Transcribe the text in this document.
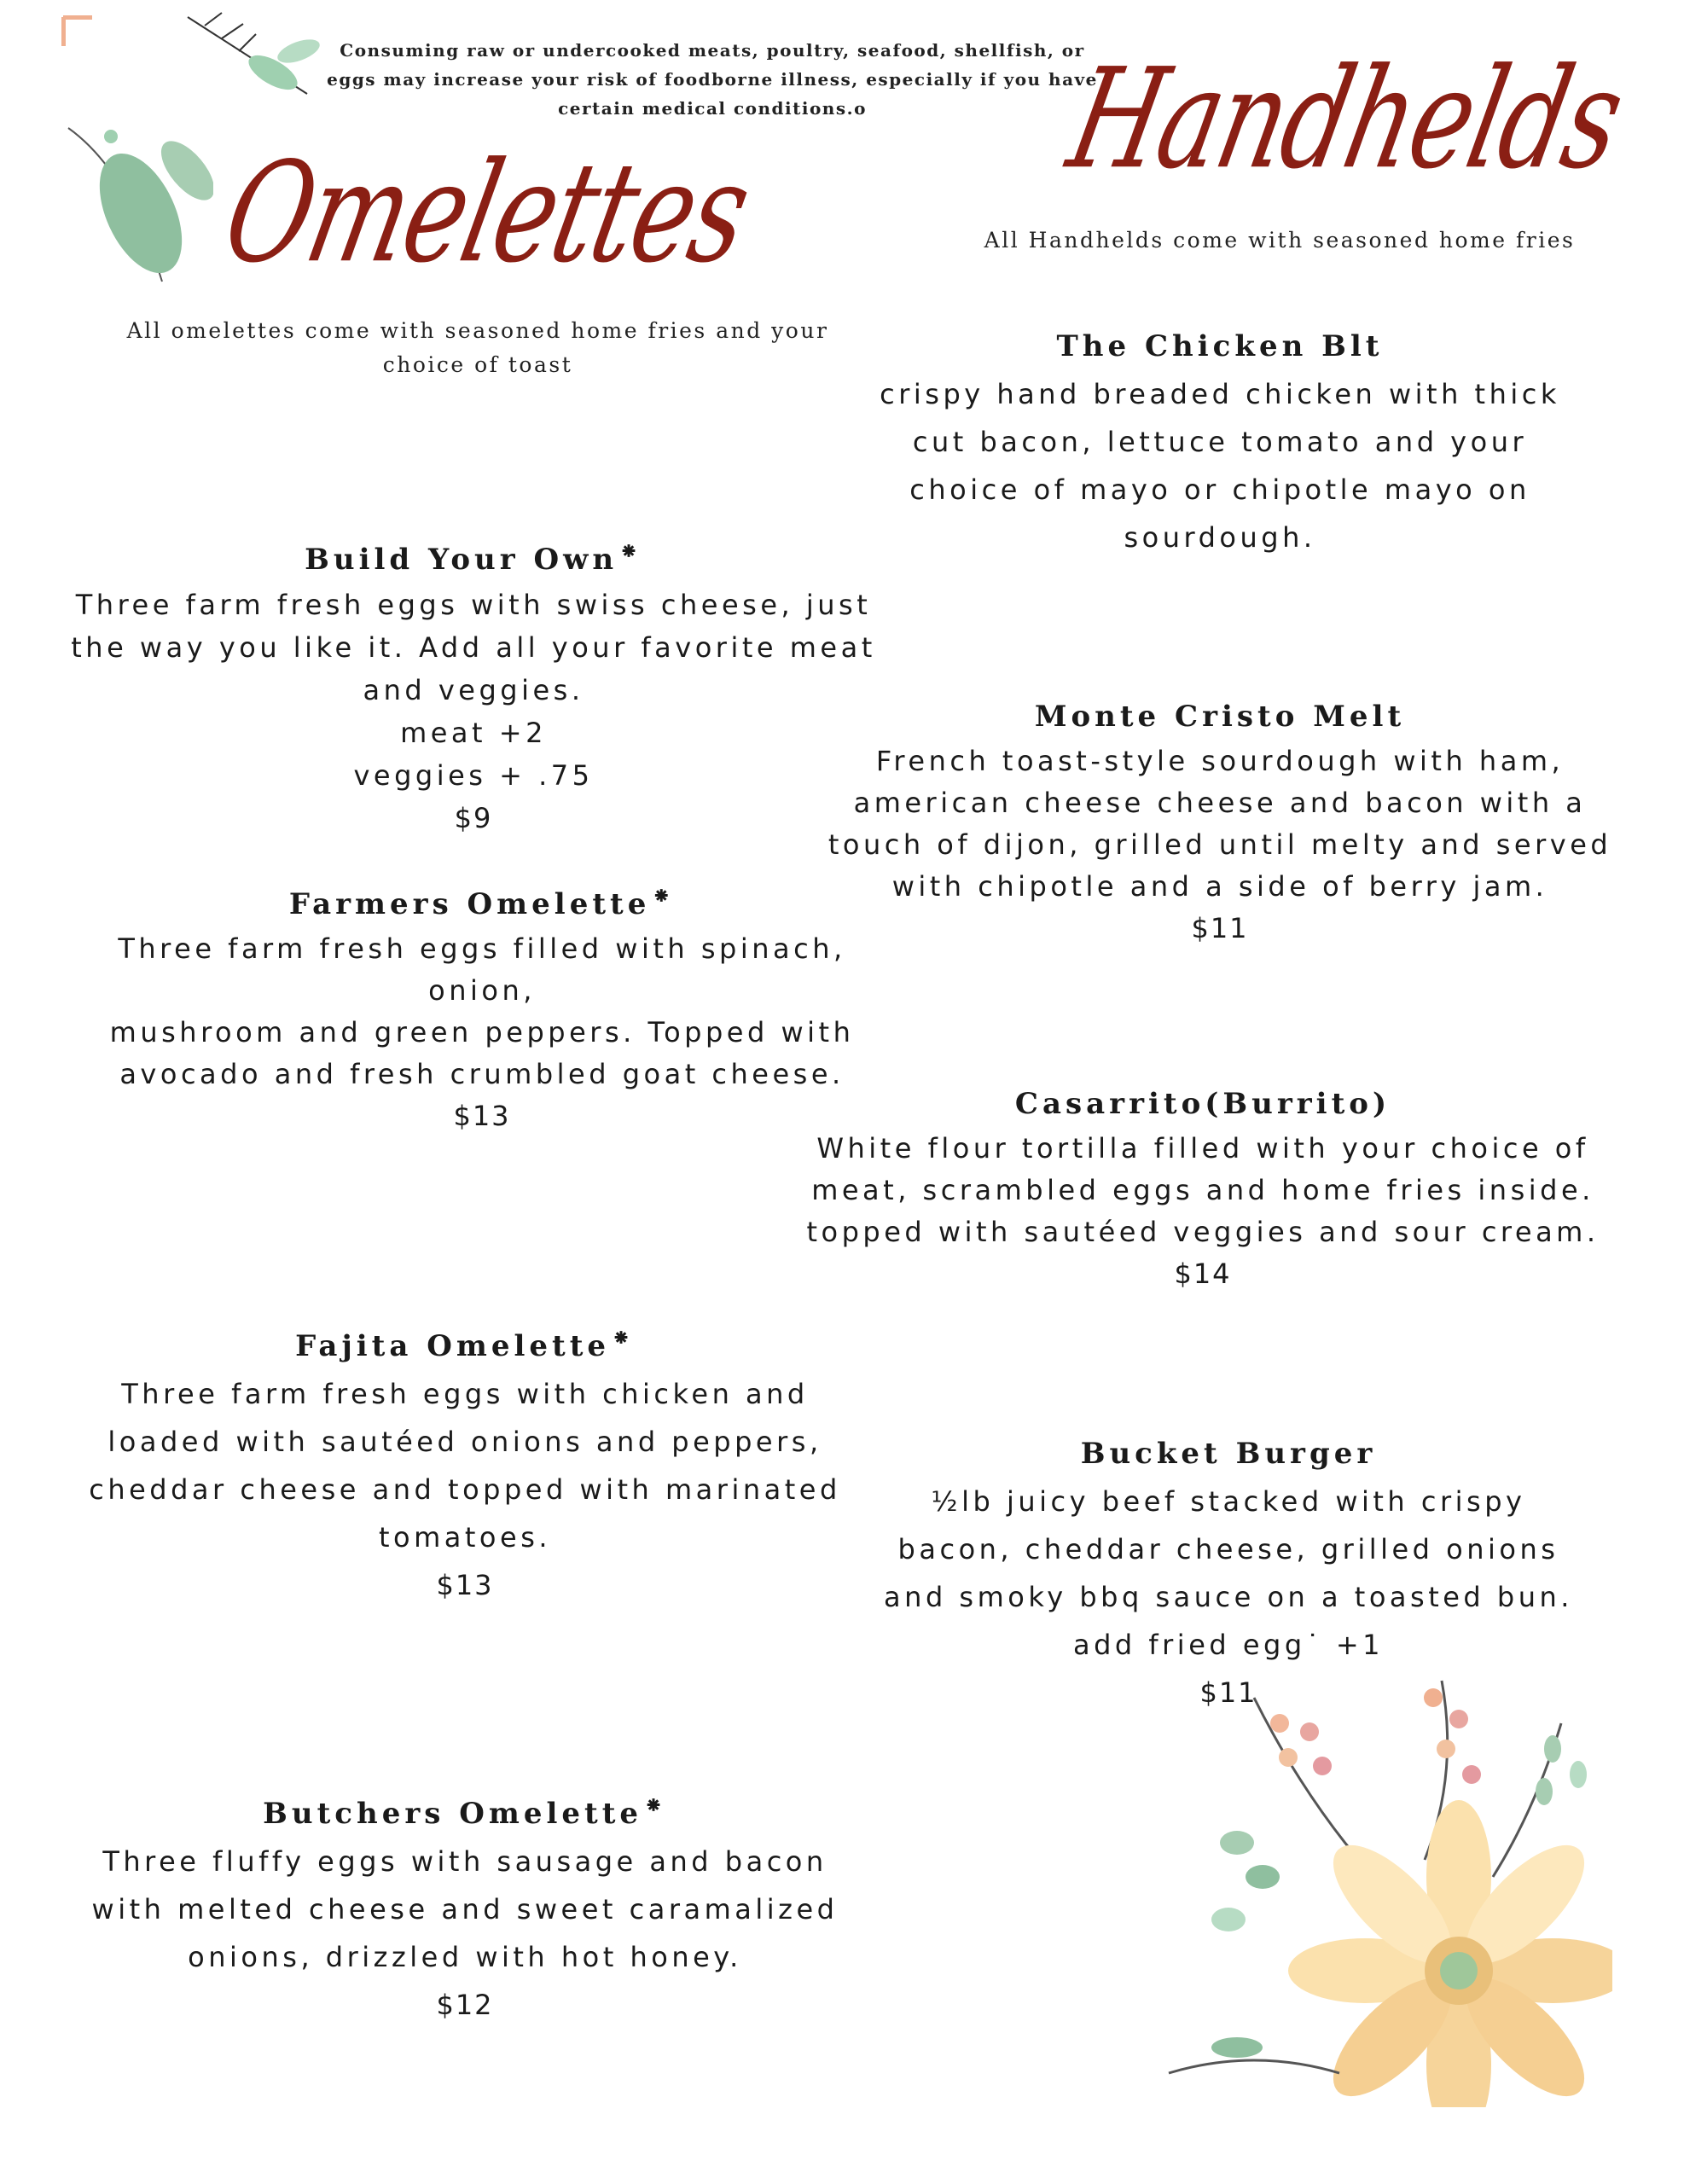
Consuming raw or undercooked meats, poultry, seafood, shellfish, or
eggs may increase your risk of foodborne illness, especially if you have
certain medical conditions.o
Omelettes
All omelettes come with seasoned home fries and your
choice of toast
Build Your Own⁕
Three farm fresh eggs with swiss cheese, just
the way you like it. Add all your favorite meat
and veggies.
meat +2
veggies + .75
$9
Farmers Omelette⁕
Three farm fresh eggs filled with spinach, onion,
mushroom and green peppers. Topped with
avocado and fresh crumbled goat cheese.
$13
Fajita Omelette⁕
Three farm fresh eggs with chicken and
loaded with sautéed onions and peppers,
cheddar cheese and topped with marinated
tomatoes.
$13
Butchers Omelette⁕
Three fluffy eggs with sausage and bacon
with melted cheese and sweet caramalized
onions, drizzled with hot honey.
$12
Handhelds
All Handhelds come with seasoned home fries
The Chicken Blt
crispy hand breaded chicken with thick
cut bacon, lettuce tomato and your
choice of mayo or chipotle mayo on
sourdough.
Monte Cristo Melt
French toast-style sourdough with ham,
american cheese cheese and bacon with a
touch of dijon, grilled until melty and served
with chipotle and a side of berry jam.
$11
Casarrito(Burrito)
White flour tortilla filled with your choice of
meat, scrambled eggs and home fries inside.
topped with sautéed veggies and sour cream.
$14
Bucket Burger
½lb juicy beef stacked with crispy
bacon, cheddar cheese, grilled onions
and smoky bbq sauce on a toasted bun.
add fried egg˙ +1
$11
